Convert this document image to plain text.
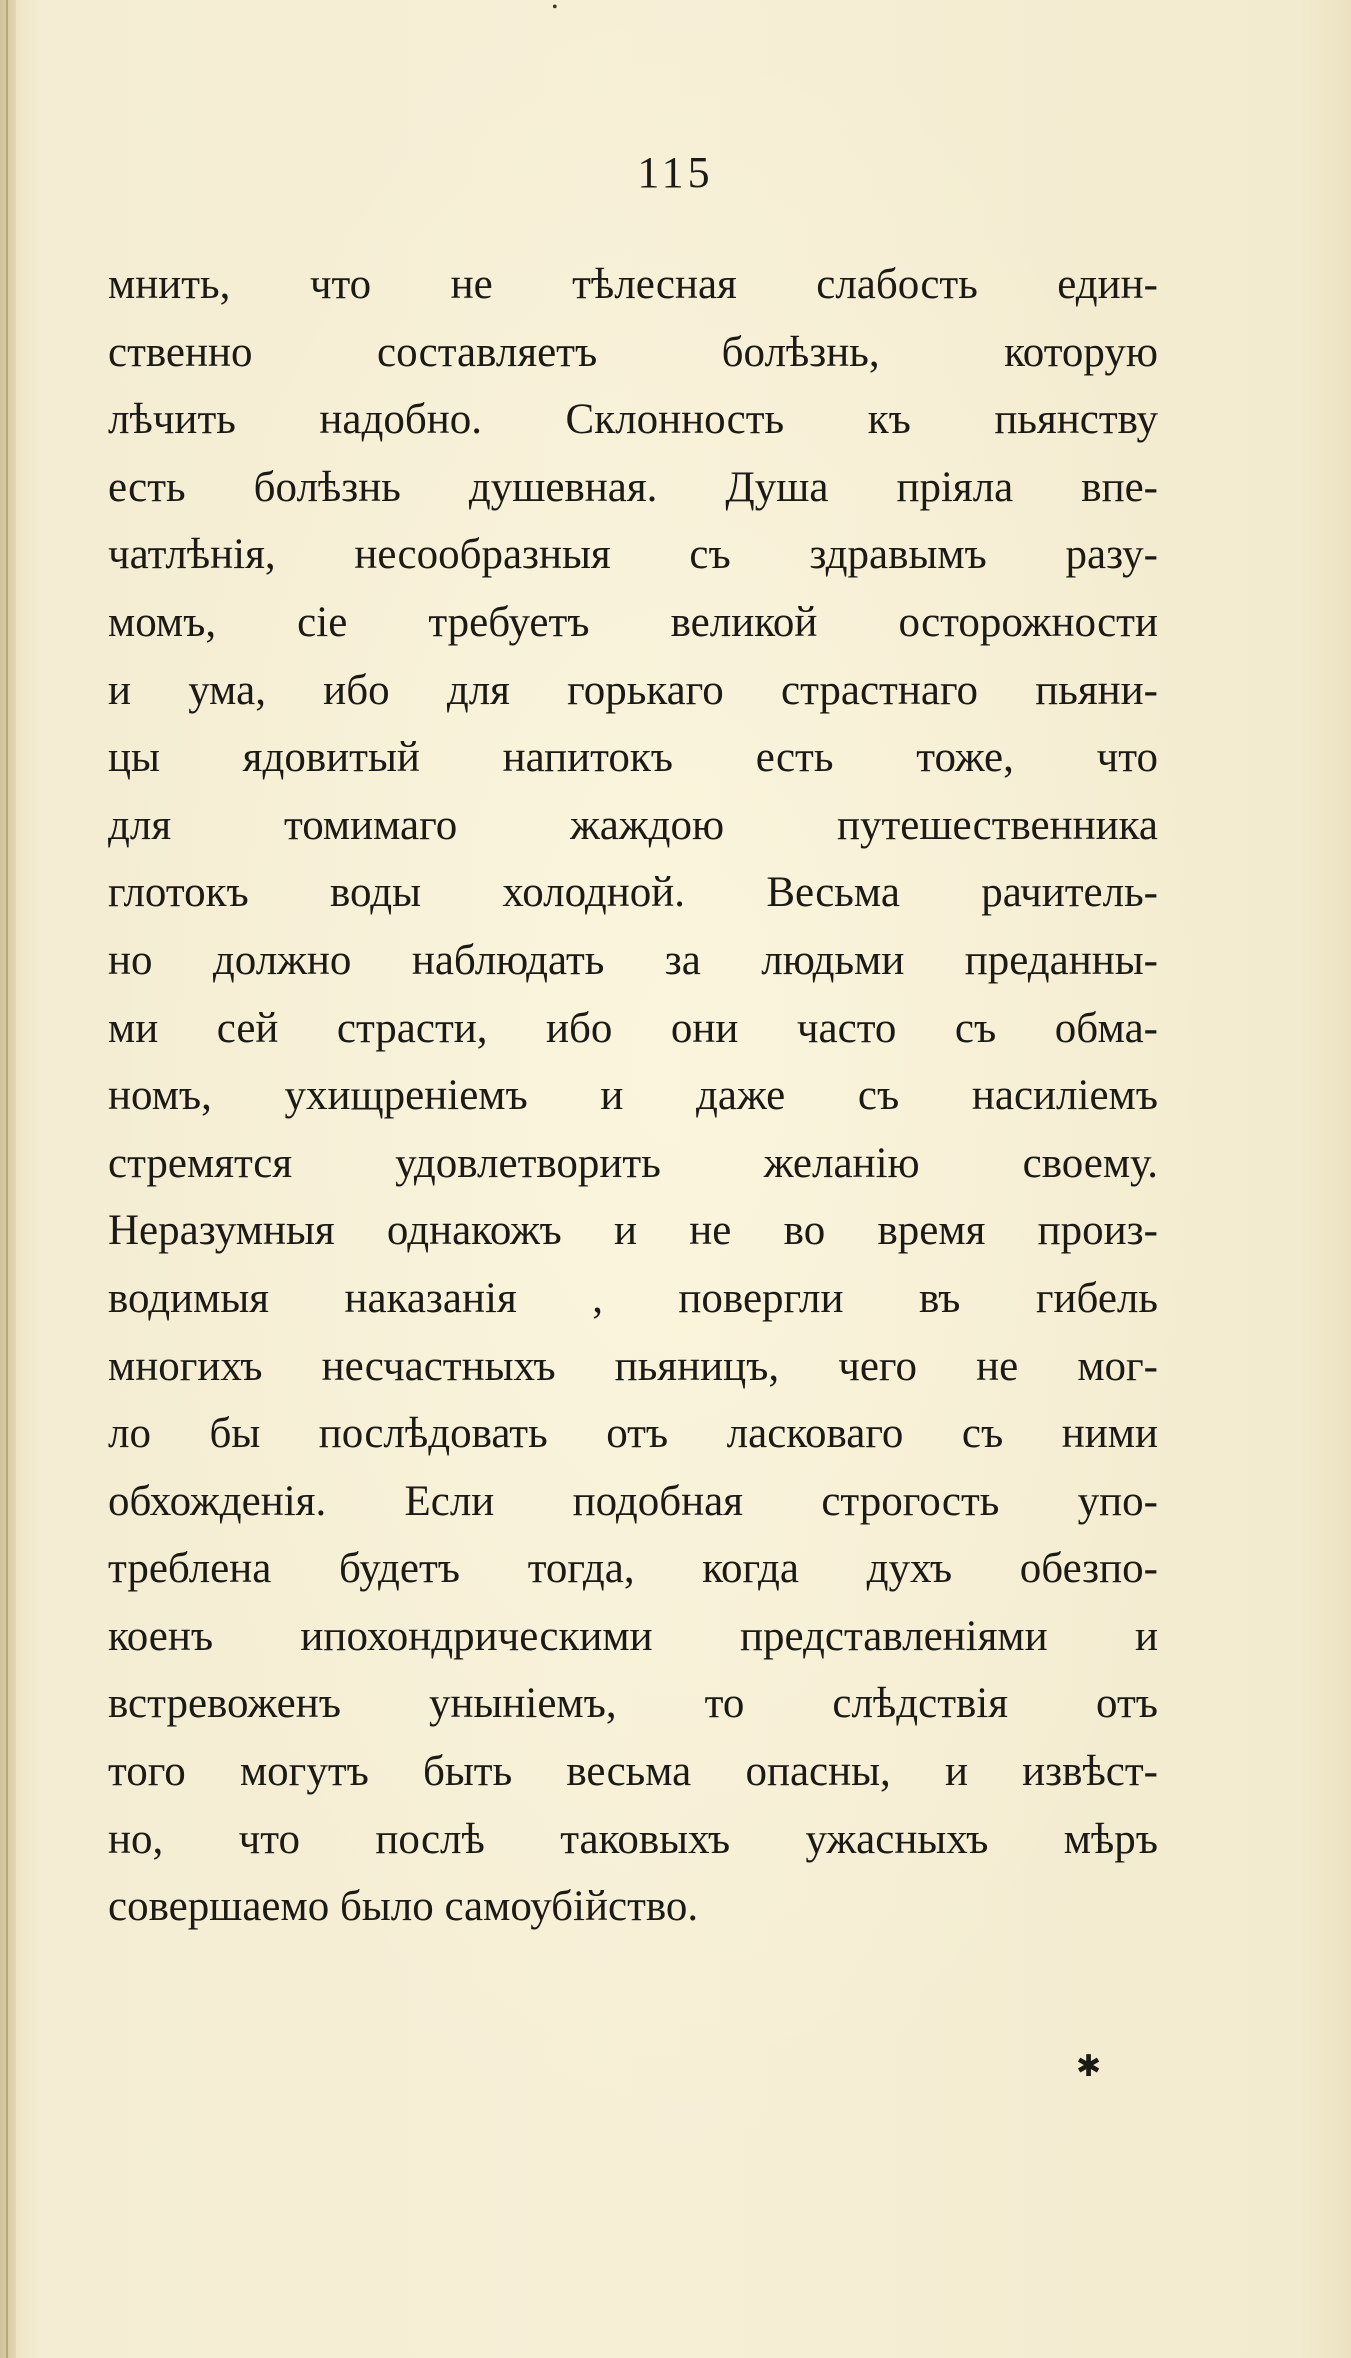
•
115
мнить, что не тѣлесная слабость един-
ственно составляетъ болѣзнь, которую
лѣчить надобно. Склонность къ пьянству
есть болѣзнь душевная. Душа пріяла впе-
чатлѣнія, несообразныя съ здравымъ разу-
момъ, сіе требуетъ великой осторожности
и ума, ибо для горькаго страстнаго пьяни-
цы ядовитый напитокъ есть тоже, что
для томимаго жаждою путешественника
глотокъ воды холодной. Весьма рачитель-
но должно наблюдать за людьми преданны-
ми сей страсти, ибо они часто съ обма-
номъ, ухищреніемъ и даже съ насиліемъ
стремятся удовлетворить желанію своему.
Неразумныя однакожъ и не во время произ-
водимыя наказанія , повергли въ гибель
многихъ несчастныхъ пьяницъ, чего не мог-
ло бы послѣдовать отъ ласковаго съ ними
обхожденія. Если подобная строгость упо-
треблена будетъ тогда, когда духъ обезпо-
коенъ ипохондрическими представленіями и
встревоженъ уныніемъ, то слѣдствія отъ
того могутъ быть весьма опасны, и извѣст-
но, что послѣ таковыхъ ужасныхъ мѣръ
совершаемо было самоубійство.
✱
